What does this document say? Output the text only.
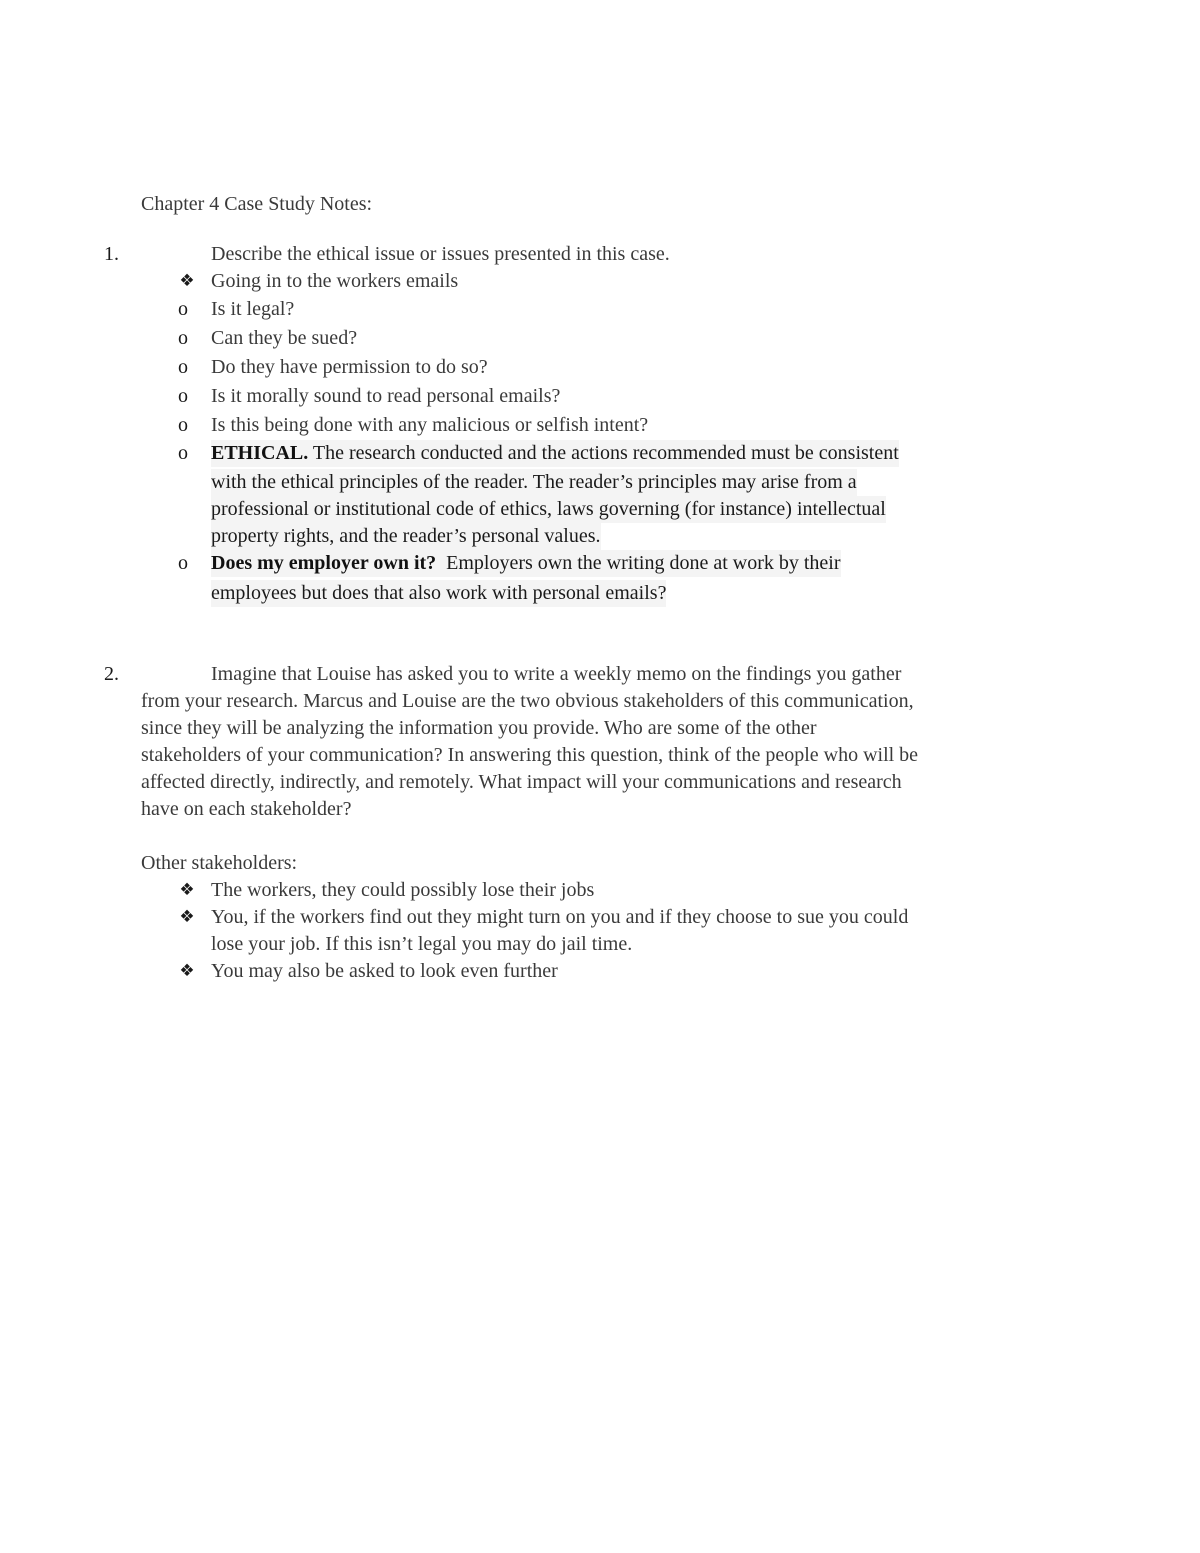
Chapter 4 Case Study Notes:
1.	Describe the ethical issue or issues presented in this case.
❖ Going in to the workers emails
o Is it legal?
o Can they be sued?
o Do they have permission to do so?
o Is it morally sound to read personal emails?
o Is this being done with any malicious or selfish intent?
o ETHICAL. The research conducted and the actions recommended must be consistent
with the ethical principles of the reader. The reader’s principles may arise from a
professional or institutional code of ethics, laws governing (for instance) intellectual
property rights, and the reader’s personal values.
o Does my employer own it? Employers own the writing done at work by their
employees but does that also work with personal emails?
2.	Imagine that Louise has asked you to write a weekly memo on the findings you gather
from your research. Marcus and Louise are the two obvious stakeholders of this communication,
since they will be analyzing the information you provide. Who are some of the other
stakeholders of your communication? In answering this question, think of the people who will be
affected directly, indirectly, and remotely. What impact will your communications and research
have on each stakeholder?
Other stakeholders:
❖ The workers, they could possibly lose their jobs
❖ You, if the workers find out they might turn on you and if they choose to sue you could
lose your job. If this isn’t legal you may do jail time.
❖ You may also be asked to look even further
